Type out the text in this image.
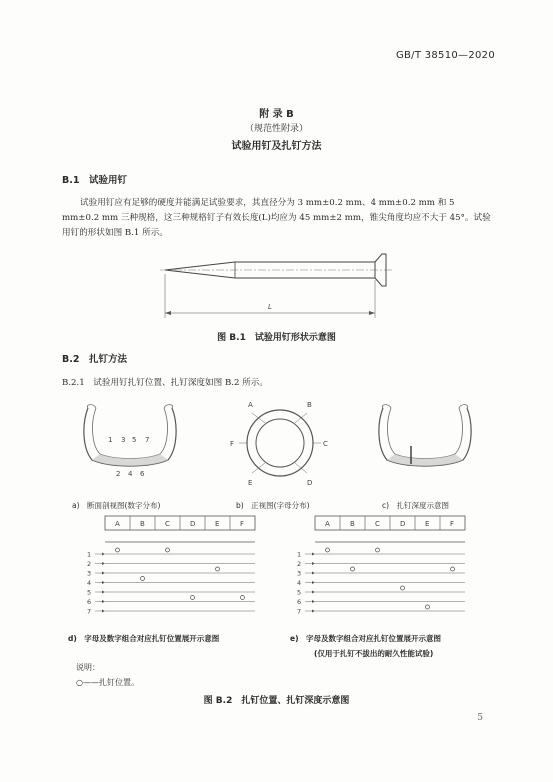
GB/T 38510—2020
附 录 B
（规范性附录）
试验用钉及扎钉方法
B.1　试验用钉
试验用钉应有足够的硬度并能满足试验要求，其直径分为 3 mm±0.2 mm、4 mm±0.2 mm 和 5 mm±0.2 mm 三种规格，这三种规格钉子有效长度(L)均应为 45 mm±2 mm，锥尖角度均应不大于 45°。试验用钉的形状如图 B.1 所示。
L
图 B.1　试验用钉形状示意图
B.2　扎钉方法
B.2.1　试验用钉扎钉位置、扎钉深度如图 B.2 所示。
1 3 5 7
2 4 6
A	B
C
D
E
F
a)　断面剖视图(数字分布)	b)　正视图(字母分布)	c)　扎钉深度示意图
A	B	C	D	E	F
1
2
3
4
5
6
7
A	B	C	D	E	F
1
2
3
4
5
6
7
d)　字母及数字组合对应扎钉位置展开示意图	e)　字母及数字组合对应扎钉位置展开示意图
(仅用于扎钉不拔出的耐久性能试验)
说明：
○——扎钉位置。
图 B.2　扎钉位置、扎钉深度示意图
5
